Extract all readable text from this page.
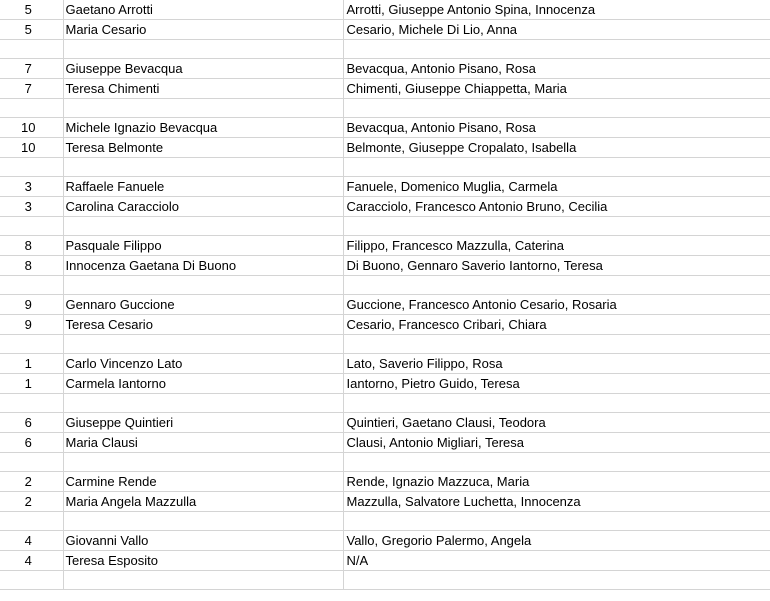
5	Gaetano Arrotti	Arrotti, Giuseppe Antonio Spina, Innocenza
5	Maria Cesario	Cesario, Michele Di Lio, Anna

7	Giuseppe Bevacqua	Bevacqua, Antonio Pisano, Rosa
7	Teresa Chimenti	Chimenti, Giuseppe Chiappetta, Maria

10	Michele Ignazio Bevacqua	Bevacqua, Antonio Pisano, Rosa
10	Teresa Belmonte	Belmonte, Giuseppe Cropalato, Isabella

3	Raffaele Fanuele	Fanuele, Domenico Muglia, Carmela
3	Carolina Caracciolo	Caracciolo, Francesco Antonio Bruno, Cecilia

8	Pasquale Filippo	Filippo, Francesco Mazzulla, Caterina
8	Innocenza Gaetana Di Buono	Di Buono, Gennaro Saverio Iantorno, Teresa

9	Gennaro Guccione	Guccione, Francesco Antonio Cesario, Rosaria
9	Teresa Cesario	Cesario, Francesco Cribari, Chiara

1	Carlo Vincenzo Lato	Lato, Saverio Filippo, Rosa
1	Carmela Iantorno	Iantorno, Pietro Guido, Teresa

6	Giuseppe Quintieri	Quintieri, Gaetano Clausi, Teodora
6	Maria Clausi	Clausi, Antonio Migliari, Teresa

2	Carmine Rende	Rende, Ignazio Mazzuca, Maria
2	Maria Angela Mazzulla	Mazzulla, Salvatore Luchetta, Innocenza

4	Giovanni Vallo	Vallo, Gregorio Palermo, Angela
4	Teresa Esposito	N/A
